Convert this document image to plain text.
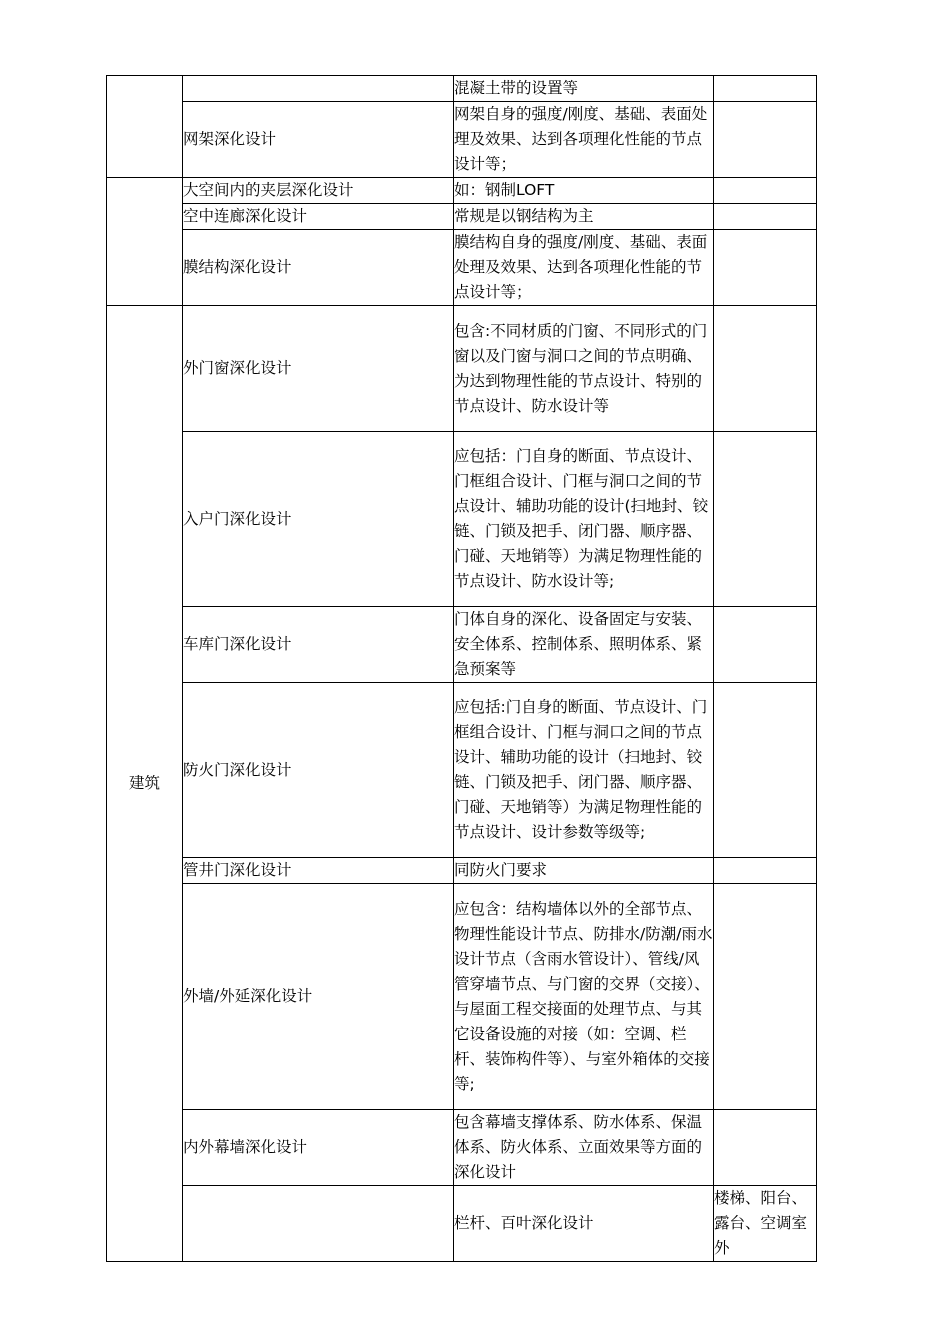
		混凝土带的设置等		
	网架深化设计	网架自身的强度/刚度、基础、表面处理及效果、达到各项理化性能的节点设计等；		
	大空间内的夹层深化设计	如：钢制LOFT		
	空中连廊深化设计	常规是以钢结构为主		
	膜结构深化设计	膜结构自身的强度/刚度、基础、表面处理及效果、达到各项理化性能的节点设计等；		
建筑	外门窗深化设计	包含:不同材质的门窗、不同形式的门窗以及门窗与洞口之间的节点明确、为达到物理性能的节点设计、特别的节点设计、防水设计等		
	入户门深化设计	应包括：门自身的断面、节点设计、门框组合设计、门框与洞口之间的节点设计、辅助功能的设计(扫地封、铰链、门锁及把手、闭门器、顺序器、门碰、天地销等）为满足物理性能的节点设计、防水设计等;		
	车库门深化设计	门体自身的深化、设备固定与安装、安全体系、控制体系、照明体系、紧急预案等		
	防火门深化设计	应包括:门自身的断面、节点设计、门框组合设计、门框与洞口之间的节点设计、辅助功能的设计（扫地封、铰链、门锁及把手、闭门器、顺序器、门碰、天地销等）为满足物理性能的节点设计、设计参数等级等;		
	管井门深化设计	同防火门要求		
	外墙/外延深化设计	应包含：结构墙体以外的全部节点、物理性能设计节点、防排水/防潮/雨水设计节点（含雨水管设计）、管线/风管穿墙节点、与门窗的交界（交接）、与屋面工程交接面的处理节点、与其它设备设施的对接（如：空调、栏杆、装饰构件等）、与室外箱体的交接等;		
	内外幕墙深化设计	包含幕墙支撑体系、防水体系、保温体系、防火体系、立面效果等方面的深化设计		
		栏杆、百叶深化设计	楼梯、阳台、露台、空调室外	
